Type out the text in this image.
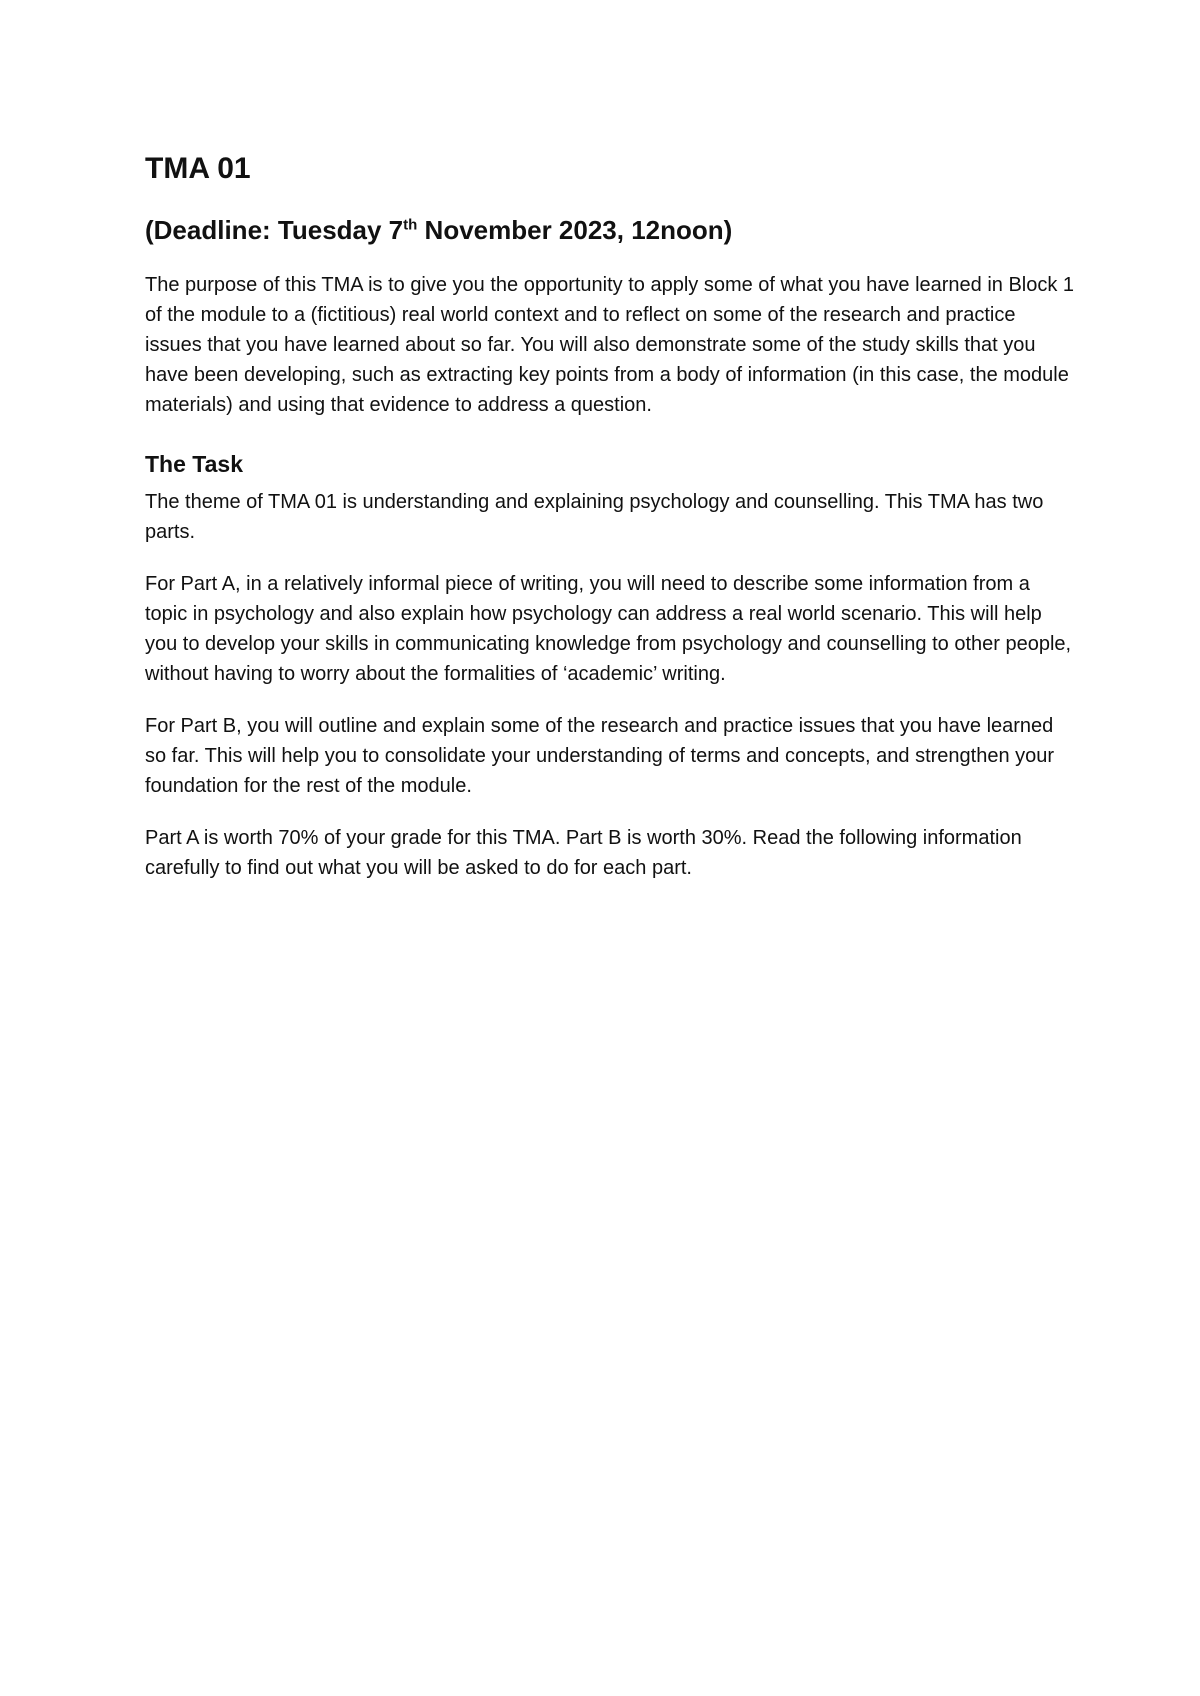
TMA 01
(Deadline: Tuesday 7th November 2023, 12noon)

The purpose of this TMA is to give you the opportunity to apply some of what you have learned in Block 1 of the module to a (fictitious) real world context and to reflect on some of the research and practice issues that you have learned about so far. You will also demonstrate some of the study skills that you have been developing, such as extracting key points from a body of information (in this case, the module materials) and using that evidence to address a question.

The Task

The theme of TMA 01 is understanding and explaining psychology and counselling. This TMA has two parts.

For Part A, in a relatively informal piece of writing, you will need to describe some information from a topic in psychology and also explain how psychology can address a real world scenario. This will help you to develop your skills in communicating knowledge from psychology and counselling to other people, without having to worry about the formalities of ‘academic’ writing.

For Part B, you will outline and explain some of the research and practice issues that you have learned so far. This will help you to consolidate your understanding of terms and concepts, and strengthen your foundation for the rest of the module.

Part A is worth 70% of your grade for this TMA. Part B is worth 30%. Read the following information carefully to find out what you will be asked to do for each part.
